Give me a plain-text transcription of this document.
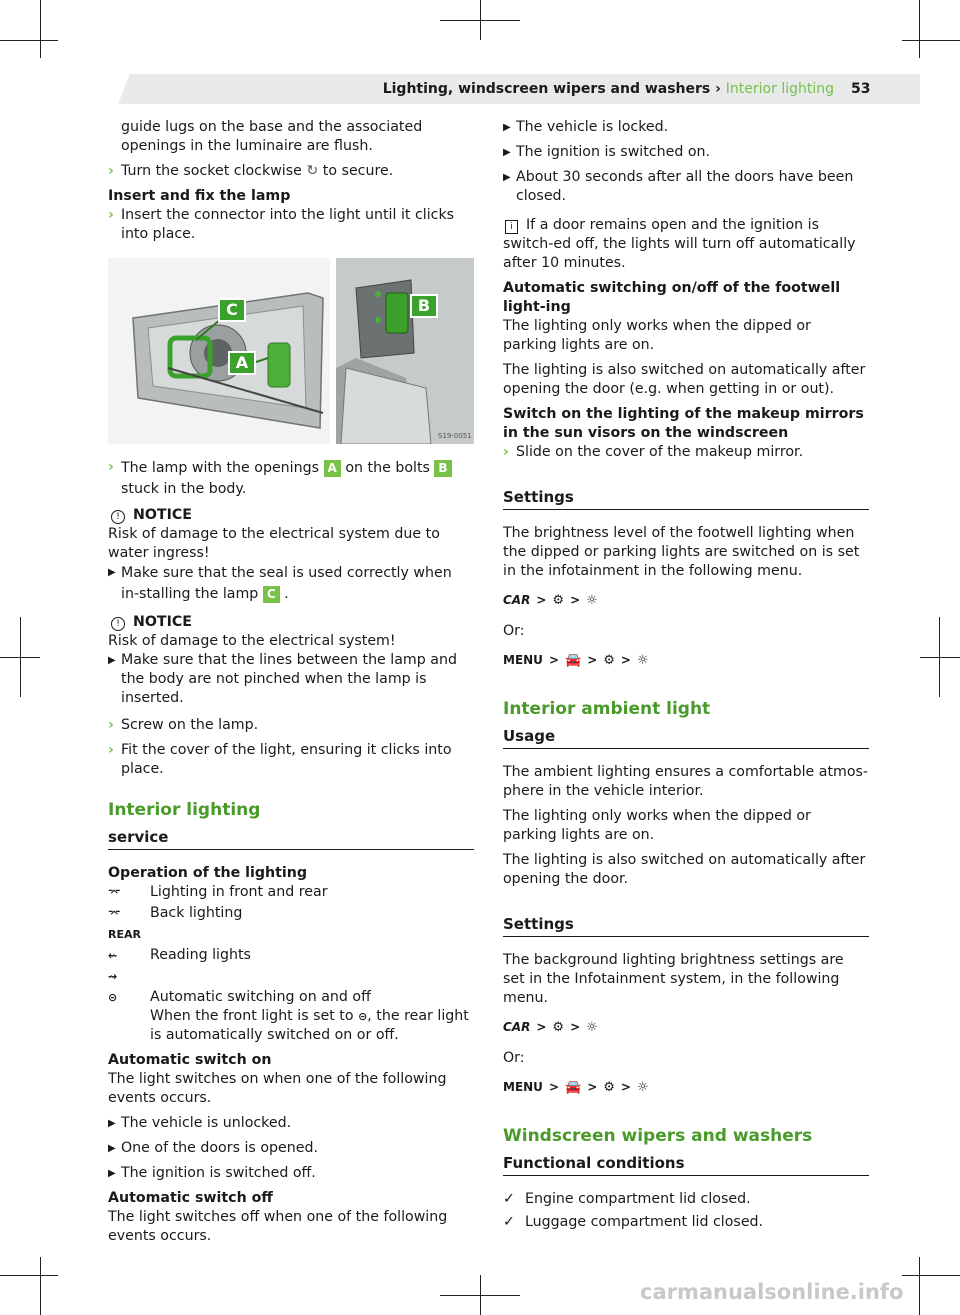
Lighting, windscreen wipers and washers › Interior lighting 53

guide lugs on the base and the associated openings in the luminaire are flush.

› Turn the socket clockwise ↻ to secure.

Insert and fix the lamp

› Insert the connector into the light until it clicks into place.
S19-0051
C
A
B
› The lamp with the openings A on the bolts B
stuck in the body.
! NOTICE

Risk of damage to the electrical system due to water ingress!

▶ Make sure that the seal is used correctly when in-stalling the lamp C .
! NOTICE

Risk of damage to the electrical system!

▶ Make sure that the lines between the lamp and the body are not pinched when the lamp is inserted.
› Screw on the lamp.
› Fit the cover of the light, ensuring it clicks into place.
Interior lighting
service

Operation of the lighting

⌤	Lighting in front and rear
⌤	Back lighting
REAR
⇜	Reading lights
⇝
⊝	Automatic switching on and off
When the front light is set to ⊝, the rear light is automatically switched on or off.

Automatic switch on

The light switches on when one of the following events occurs.

▶ The vehicle is unlocked.
▶ One of the doors is opened.
▶ The ignition is switched off.

Automatic switch off

The light switches off when one of the following events occurs.

▶ The vehicle is locked.
▶ The ignition is switched on.
▶ About 30 seconds after all the doors have been closed.

i If a door remains open and the ignition is switch-ed off, the lights will turn off automatically after 10 minutes.

Automatic switching on/off of the footwell light-ing

The lighting only works when the dipped or parking lights are on.

The lighting is also switched on automatically after opening the door (e.g. when getting in or out).

Switch on the lighting of the makeup mirrors in the sun visors on the windscreen

› Slide on the cover of the makeup mirror.
Settings

The brightness level of the footwell lighting when the dipped or parking lights are switched on is set in the infotainment in the following menu.

CAR > ⚙ > ☼

Or:

MENU > 🚘 > ⚙ > ☼
Interior ambient light
Usage

The ambient lighting ensures a comfortable atmos-phere in the vehicle interior.

The lighting only works when the dipped or parking lights are on.

The lighting is also switched on automatically after opening the door.

Settings

The background lighting brightness settings are set in the Infotainment system, in the following menu.

CAR > ⚙ > ☼

Or:

MENU > 🚘 > ⚙ > ☼
Windscreen wipers and washers
Functional conditions
✓ Engine compartment lid closed.
✓ Luggage compartment lid closed.
carmanualsonline.info
